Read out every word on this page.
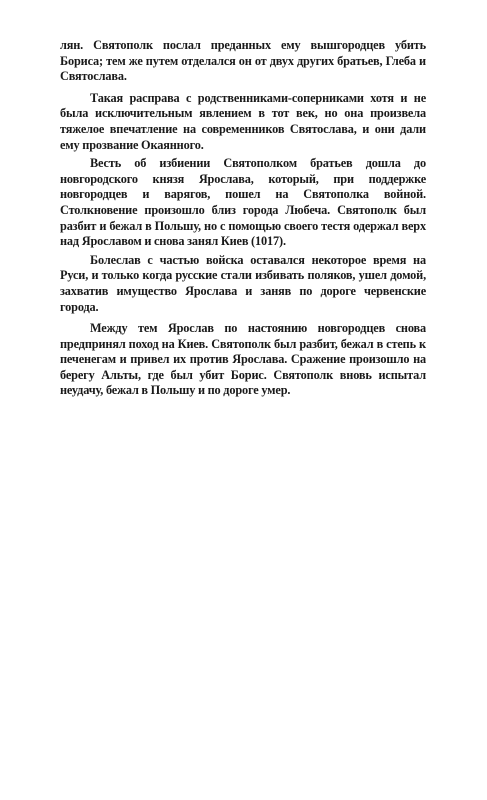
лян. Святополк послал преданных ему вышгородцев убить Бориса; тем же путем отделался он от двух других братьев, Глеба и Святослава.

Такая расправа с родственниками-соперниками хотя и не была исключительным явлением в тот век, но она произвела тяжелое впечатление на современников Святослава, и они дали ему прозвание Окаянного.

Весть об избиении Святополком братьев дошла до новгородского князя Ярослава, который, при поддержке новгородцев и варягов, пошел на Святополка войной. Столкновение произошло близ города Любеча. Святополк был разбит и бежал в Польшу, но с помощью своего тестя одержал верх над Ярославом и снова занял Киев (1017).

Болеслав с частью войска оставался некоторое время на Руси, и только когда русские стали избивать поляков, ушел домой, захватив имущество Ярослава и заняв по дороге червенские города.

Между тем Ярослав по настоянию новгородцев снова предпринял поход на Киев. Святополк был разбит, бежал в степь к печенегам и привел их против Ярослава. Сражение произошло на берегу Альты, где был убит Борис. Святополк вновь испытал неудачу, бежал в Польшу и по дороге умер.
